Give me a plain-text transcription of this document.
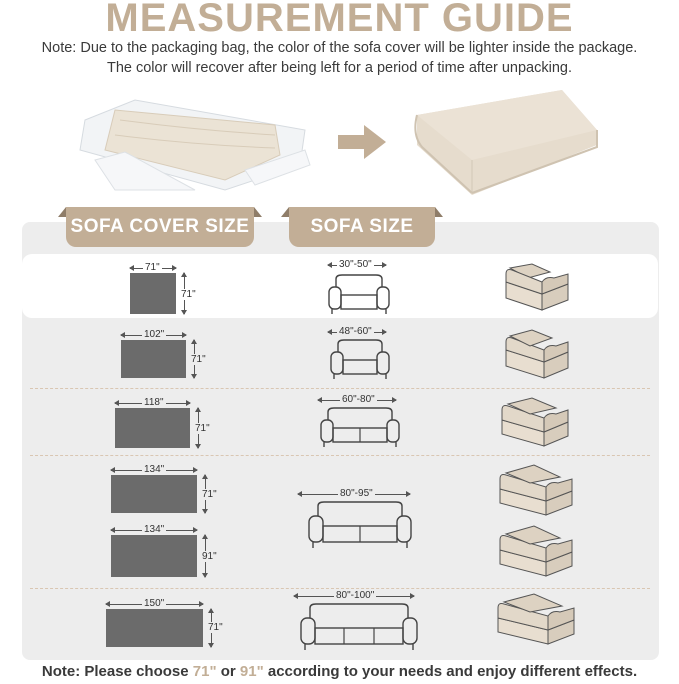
MEASUREMENT GUIDE
Note: Due to the packaging bag, the color of the sofa cover will be lighter inside the package.
The color will recover after being left for a period of time after unpacking.
SOFA COVER SIZE	SOFA SIZE
71"
71"
30"-50"
102"
71"
48"-60"
118"
71"
60"-80"
134"
71"	80"-95"
134"
91"
150"
71"
80"-100"
Note: Please choose 71" or 91" according to your needs and enjoy different effects.
